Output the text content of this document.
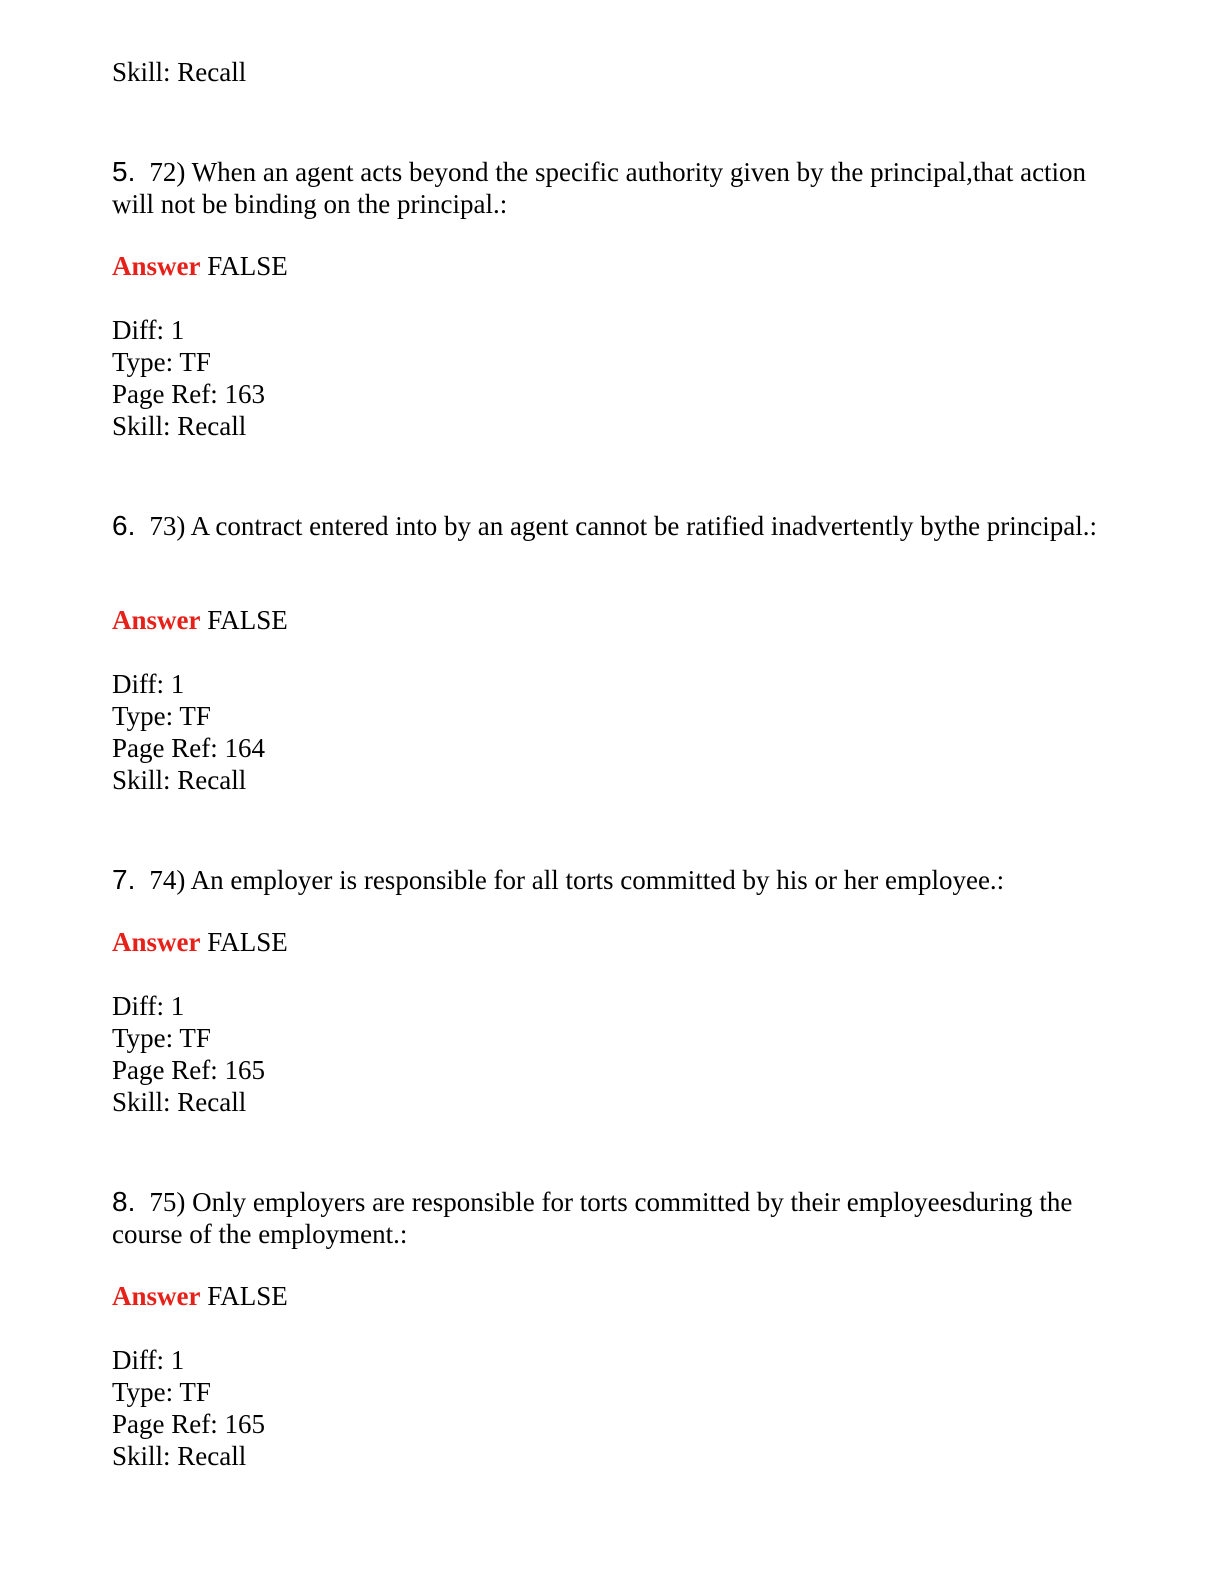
Skill: Recall
5. 72) When an agent acts beyond the specific authority given by the principal,that action will not be binding on the principal.:
Answer FALSE
Diff: 1
Type: TF
Page Ref: 163
Skill: Recall
6. 73) A contract entered into by an agent cannot be ratified inadvertently bythe principal.:
Answer FALSE
Diff: 1
Type: TF
Page Ref: 164
Skill: Recall
7. 74) An employer is responsible for all torts committed by his or her employee.:
Answer FALSE
Diff: 1
Type: TF
Page Ref: 165
Skill: Recall
8. 75) Only employers are responsible for torts committed by their employeesduring the course of the employment.:
Answer FALSE
Diff: 1
Type: TF
Page Ref: 165
Skill: Recall
